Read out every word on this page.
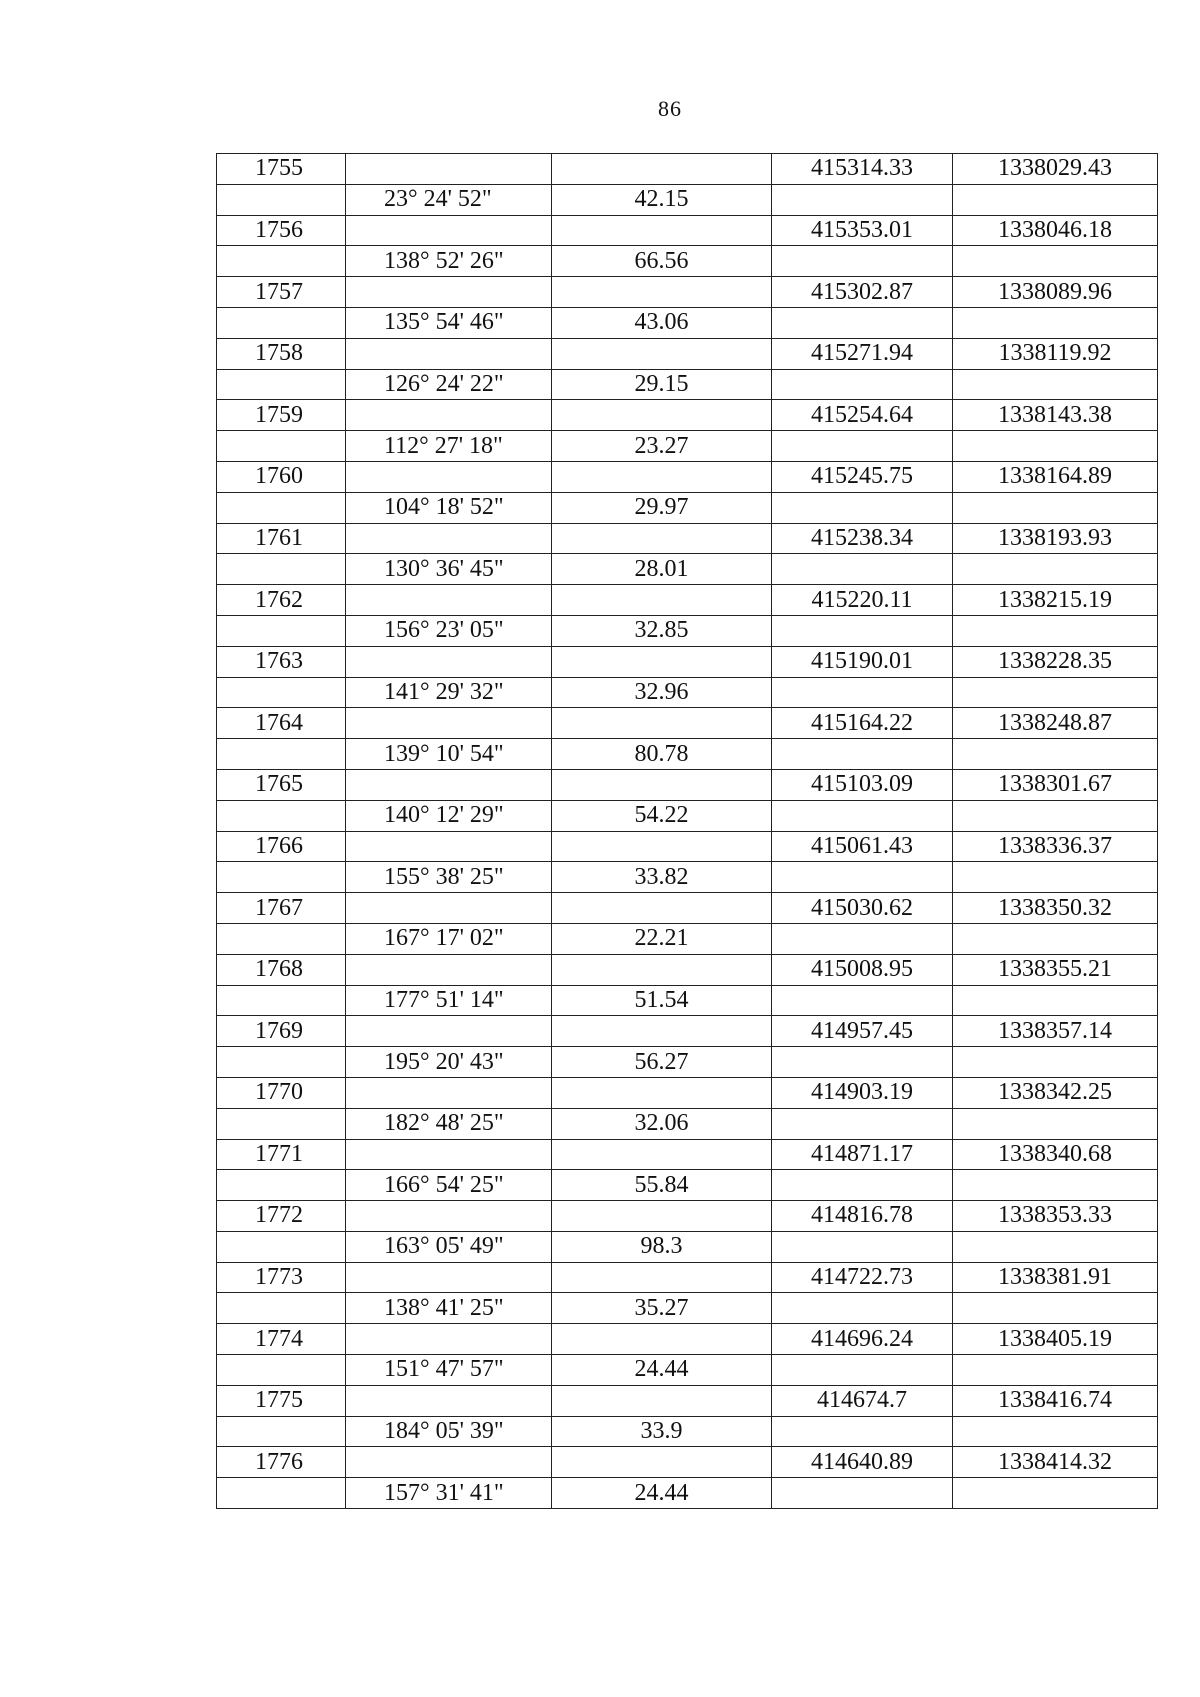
86
1755			415314.33	1338029.43
	23° 24' 52"	42.15		
1756			415353.01	1338046.18
	138° 52' 26"	66.56		
1757			415302.87	1338089.96
	135° 54' 46"	43.06		
1758			415271.94	1338119.92
	126° 24' 22"	29.15		
1759			415254.64	1338143.38
	112° 27' 18"	23.27		
1760			415245.75	1338164.89
	104° 18' 52"	29.97		
1761			415238.34	1338193.93
	130° 36' 45"	28.01		
1762			415220.11	1338215.19
	156° 23' 05"	32.85		
1763			415190.01	1338228.35
	141° 29' 32"	32.96		
1764			415164.22	1338248.87
	139° 10' 54"	80.78		
1765			415103.09	1338301.67
	140° 12' 29"	54.22		
1766			415061.43	1338336.37
	155° 38' 25"	33.82		
1767			415030.62	1338350.32
	167° 17' 02"	22.21		
1768			415008.95	1338355.21
	177° 51' 14"	51.54		
1769			414957.45	1338357.14
	195° 20' 43"	56.27		
1770			414903.19	1338342.25
	182° 48' 25"	32.06		
1771			414871.17	1338340.68
	166° 54' 25"	55.84		
1772			414816.78	1338353.33
	163° 05' 49"	98.3		
1773			414722.73	1338381.91
	138° 41' 25"	35.27		
1774			414696.24	1338405.19
	151° 47' 57"	24.44		
1775			414674.7	1338416.74
	184° 05' 39"	33.9		
1776			414640.89	1338414.32
	157° 31' 41"	24.44		
